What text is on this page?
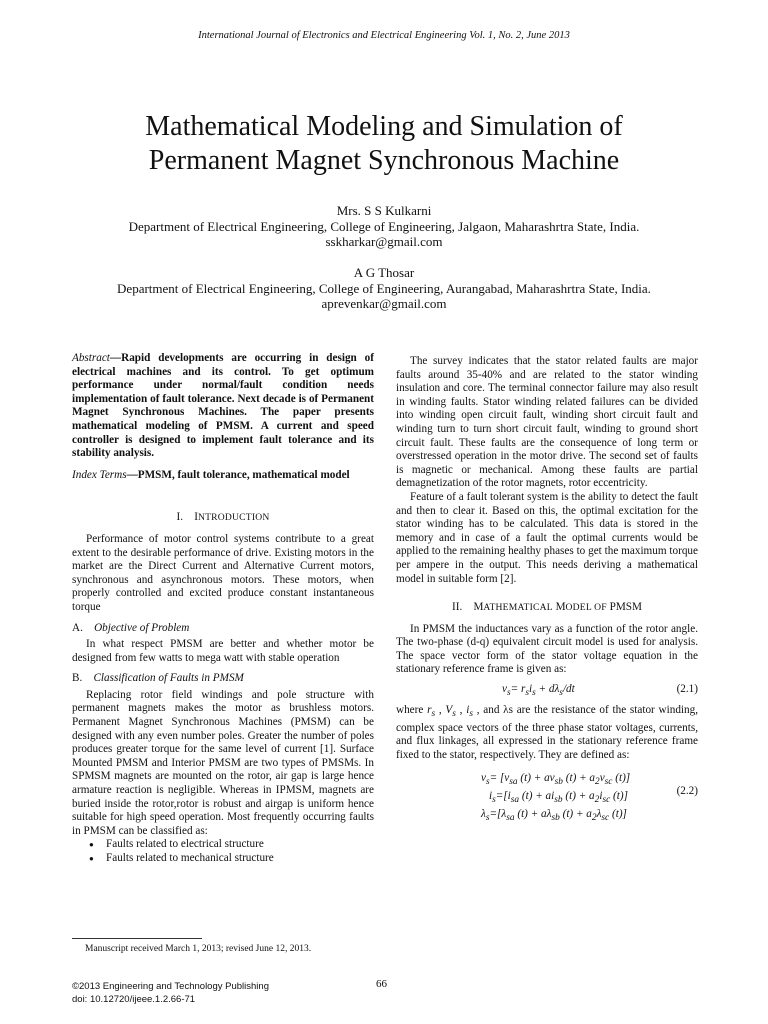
International Journal of Electronics and Electrical Engineering Vol. 1, No. 2, June 2013
Mathematical Modeling and Simulation of
Permanent Magnet Synchronous Machine
Mrs. S S Kulkarni
Department of Electrical Engineering, College of Engineering, Jalgaon, Maharashrtra State, India.
sskharkar@gmail.com
A G Thosar
Department of Electrical Engineering, College of Engineering, Aurangabad, Maharashrtra State, India.
aprevenkar@gmail.com

Abstract—Rapid developments are occurring in design of electrical machines and its control. To get optimum performance under normal/fault condition needs implementation of fault tolerance. Next decade is of Permanent Magnet Synchronous Machines. The paper presents mathematical modeling of PMSM. A current and speed controller is designed to implement fault tolerance and its stability analysis.

Index Terms—PMSM, fault tolerance, mathematical model

I. INTRODUCTION

Performance of motor control systems contribute to a great extent to the desirable performance of drive. Existing motors in the market are the Direct Current and Alternative Current motors, synchronous and asynchronous motors. These motors, when properly controlled and excited produce constant instantaneous torque

A. Objective of Problem

In what respect PMSM are better and whether motor be designed from few watts to mega watt with stable operation

B. Classification of Faults in PMSM

Replacing rotor field windings and pole structure with permanent magnets makes the motor as brushless motors. Permanent Magnet Synchronous Machines (PMSM) can be designed with any even number poles. Greater the number of poles produces greater torque for the same level of current [1]. Surface Mounted PMSM and Interior PMSM are two types of PMSMs. In SPMSM magnets are mounted on the rotor, air gap is large hence armature reaction is negligible. Whereas in IPMSM, magnets are buried inside the rotor,rotor is robust and airgap is uniform hence suitable for high speed operation. Most frequently occurring faults in PMSM can be classified as:

● Faults related to electrical structure
● Faults related to mechanical structure

The survey indicates that the stator related faults are major faults around 35-40% and are related to the stator winding insulation and core. The terminal connector failure may also result in winding faults. Stator winding related failures can be divided into winding open circuit fault, winding short circuit fault and winding turn to turn short circuit fault, winding to ground short circuit fault. These faults are the consequence of long term or overstressed operation in the motor drive. The second set of faults is magnetic or mechanical. Among these faults are partial demagnetization of the rotor magnets, rotor eccentricity.

Feature of a fault tolerant system is the ability to detect the fault and then to clear it. Based on this, the optimal excitation for the stator winding has to be calculated. This data is stored in the memory and in case of a fault the optimal currents would be applied to the remaining healthy phases to get the maximum torque per ampere in the output. This needs deriving a mathematical model in suitable form [2].

II. MATHEMATICAL MODEL OF PMSM

In PMSM the inductances vary as a function of the rotor angle. The two-phase (d-q) equivalent circuit model is used for analysis. The space vector form of the stator voltage equation in the stationary reference frame is given as:

$v_s= r_si_s + d\lambda_s/dt$	(2.1)

where $r_s$ , $V_s$ , $i_s$ , and λs are the resistance of the stator winding, complex space vectors of the three phase stator voltages, currents, and flux linkages, all expressed in the stationary reference frame fixed to the stator, respectively. They are defined as:

$v_s= [v_{sa}$ $(t) + av_{sb}$ $(t) + a_2v_{sc}$ (t)]
$i_s=[i_{sa}$ $(t) + ai_{sb}$ $(t) + a_2i_{sc}$ (t)]
$\lambda_s=[\lambda_{sa}$ $(t) + a\lambda_{sb}$ $(t) + a_2\lambda_{sc}$ (t)]
(2.2)
Manuscript received March 1, 2013; revised June 12, 2013.
©2013 Engineering and Technology Publishing
doi: 10.12720/ijeee.1.2.66-71
66
